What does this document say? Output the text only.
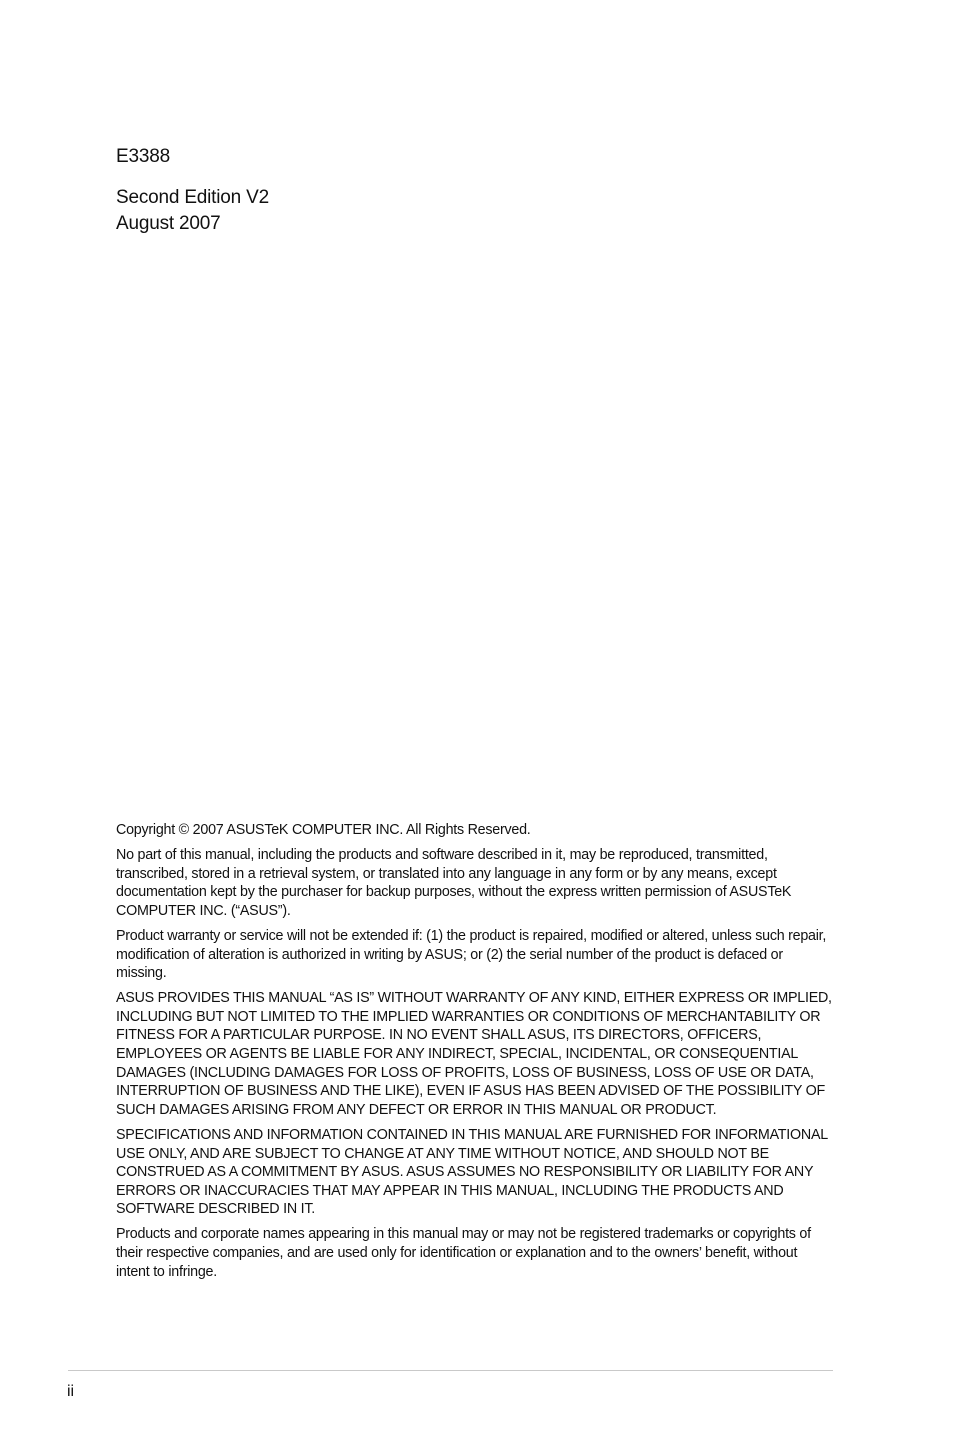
E3388

Second Edition V2

August 2007

Copyright © 2007 ASUSTeK COMPUTER INC. All Rights Reserved.

No part of this manual, including the products and software described in it, may be reproduced, transmitted, transcribed, stored in a retrieval system, or translated into any language in any form or by any means, except documentation kept by the purchaser for backup purposes, without the express written permission of ASUSTeK COMPUTER INC. (“ASUS”).

Product warranty or service will not be extended if: (1) the product is repaired, modified or altered, unless such repair, modification of alteration is authorized in writing by ASUS; or (2) the serial number of the product is defaced or missing.

ASUS PROVIDES THIS MANUAL “AS IS” WITHOUT WARRANTY OF ANY KIND, EITHER EXPRESS OR IMPLIED, INCLUDING BUT NOT LIMITED TO THE IMPLIED WARRANTIES OR CONDITIONS OF MERCHANTABILITY OR FITNESS FOR A PARTICULAR PURPOSE. IN NO EVENT SHALL ASUS, ITS DIRECTORS, OFFICERS, EMPLOYEES OR AGENTS BE LIABLE FOR ANY INDIRECT, SPECIAL, INCIDENTAL, OR CONSEQUENTIAL DAMAGES (INCLUDING DAMAGES FOR LOSS OF PROFITS, LOSS OF BUSINESS, LOSS OF USE OR DATA, INTERRUPTION OF BUSINESS AND THE LIKE), EVEN IF ASUS HAS BEEN ADVISED OF THE POSSIBILITY OF SUCH DAMAGES ARISING FROM ANY DEFECT OR ERROR IN THIS MANUAL OR PRODUCT.

SPECIFICATIONS AND INFORMATION CONTAINED IN THIS MANUAL ARE FURNISHED FOR INFORMATIONAL USE ONLY, AND ARE SUBJECT TO CHANGE AT ANY TIME WITHOUT NOTICE, AND SHOULD NOT BE CONSTRUED AS A COMMITMENT BY ASUS. ASUS ASSUMES NO RESPONSIBILITY OR LIABILITY FOR ANY ERRORS OR INACCURACIES THAT MAY APPEAR IN THIS MANUAL, INCLUDING THE PRODUCTS AND SOFTWARE DESCRIBED IN IT.

Products and corporate names appearing in this manual may or may not be registered trademarks or copyrights of their respective companies, and are used only for identification or explanation and to the owners’ benefit, without intent to infringe.

ii
